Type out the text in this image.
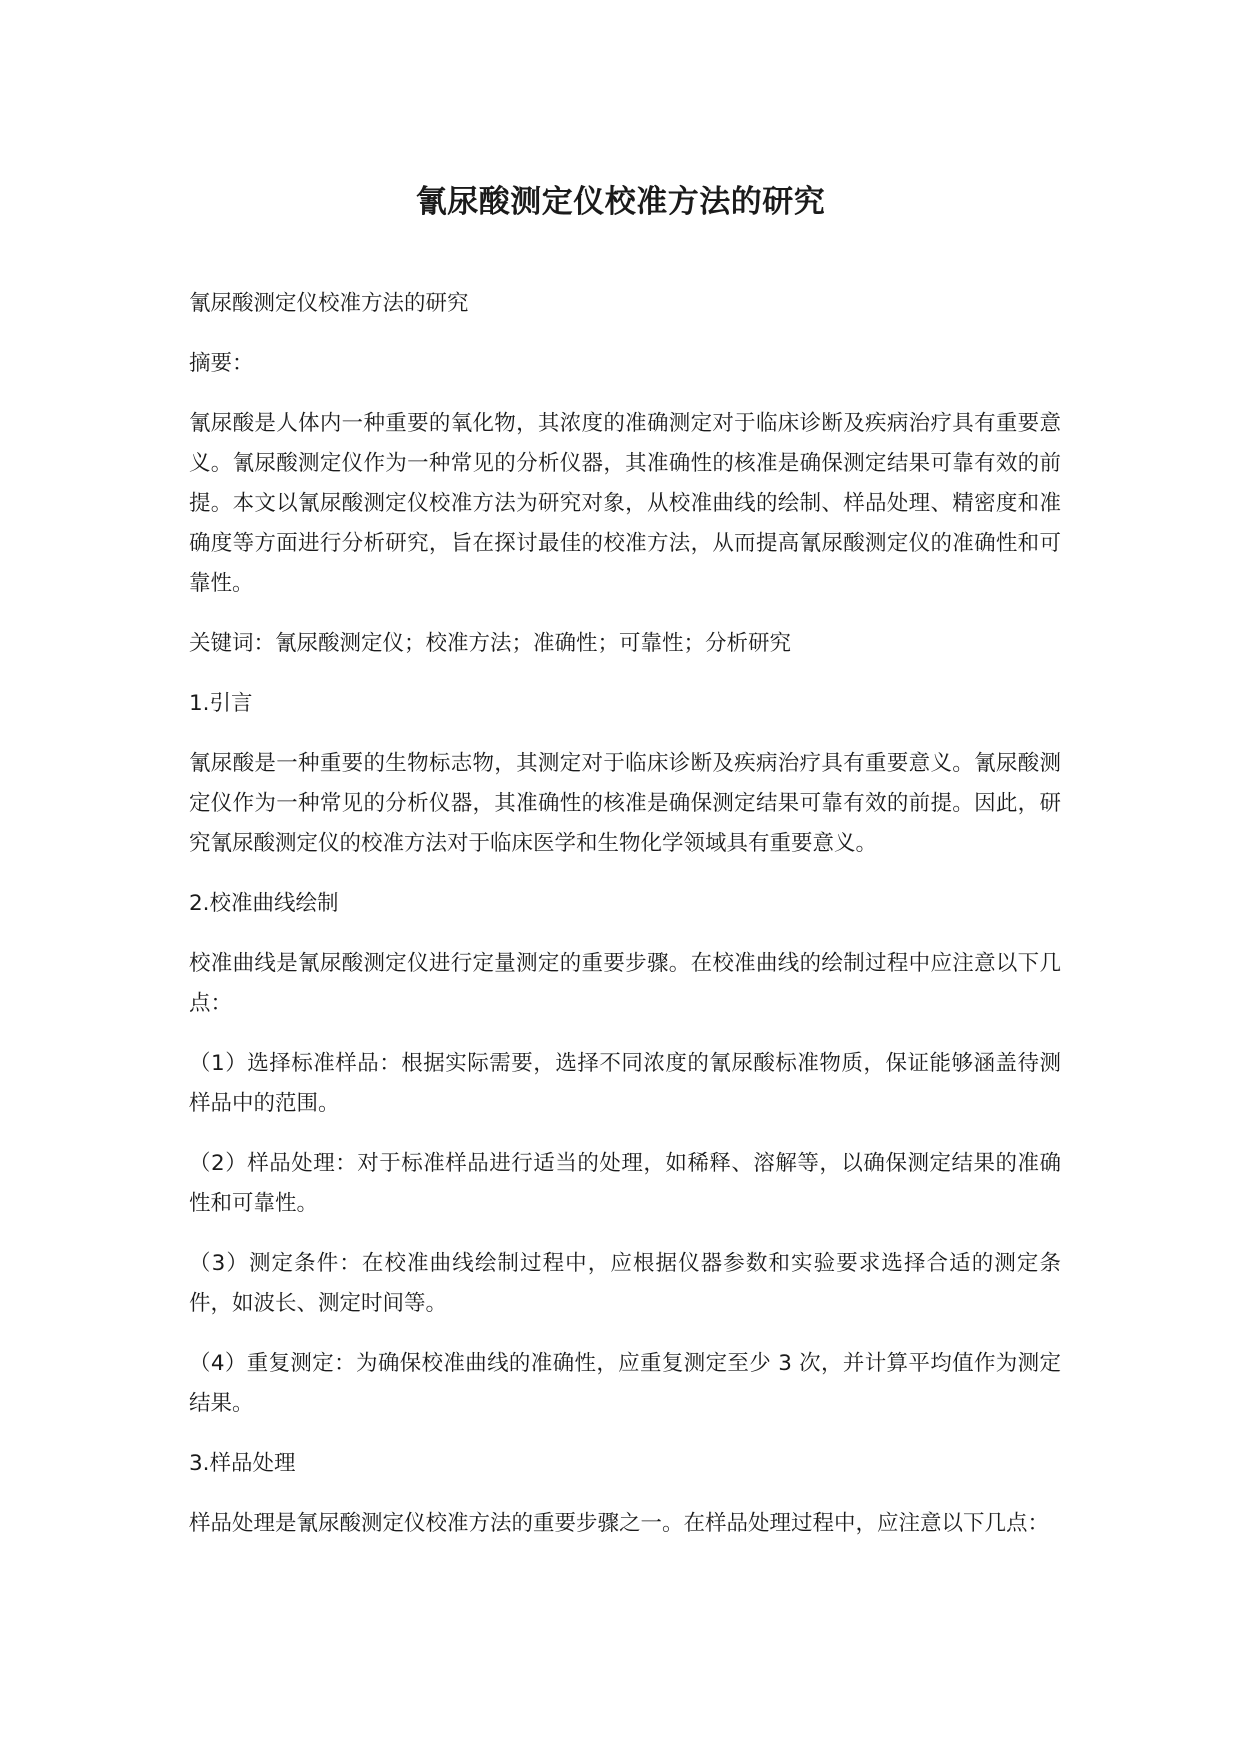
氰尿酸测定仪校准方法的研究

氰尿酸测定仪校准方法的研究

摘要：

氰尿酸是人体内一种重要的氧化物，其浓度的准确测定对于临床诊断及疾病治疗具有重要意义。氰尿酸测定仪作为一种常见的分析仪器，其准确性的核准是确保测定结果可靠有效的前提。本文以氰尿酸测定仪校准方法为研究对象，从校准曲线的绘制、样品处理、精密度和准确度等方面进行分析研究，旨在探讨最佳的校准方法，从而提高氰尿酸测定仪的准确性和可靠性。

关键词：氰尿酸测定仪；校准方法；准确性；可靠性；分析研究

1.引言

氰尿酸是一种重要的生物标志物，其测定对于临床诊断及疾病治疗具有重要意义。氰尿酸测定仪作为一种常见的分析仪器，其准确性的核准是确保测定结果可靠有效的前提。因此，研究氰尿酸测定仪的校准方法对于临床医学和生物化学领域具有重要意义。

2.校准曲线绘制

校准曲线是氰尿酸测定仪进行定量测定的重要步骤。在校准曲线的绘制过程中应注意以下几点：

（1）选择标准样品：根据实际需要，选择不同浓度的氰尿酸标准物质，保证能够涵盖待测样品中的范围。

（2）样品处理：对于标准样品进行适当的处理，如稀释、溶解等，以确保测定结果的准确性和可靠性。

（3）测定条件：在校准曲线绘制过程中，应根据仪器参数和实验要求选择合适的测定条件，如波长、测定时间等。

（4）重复测定：为确保校准曲线的准确性，应重复测定至少 3 次，并计算平均值作为测定结果。

3.样品处理

样品处理是氰尿酸测定仪校准方法的重要步骤之一。在样品处理过程中，应注意以下几点：
